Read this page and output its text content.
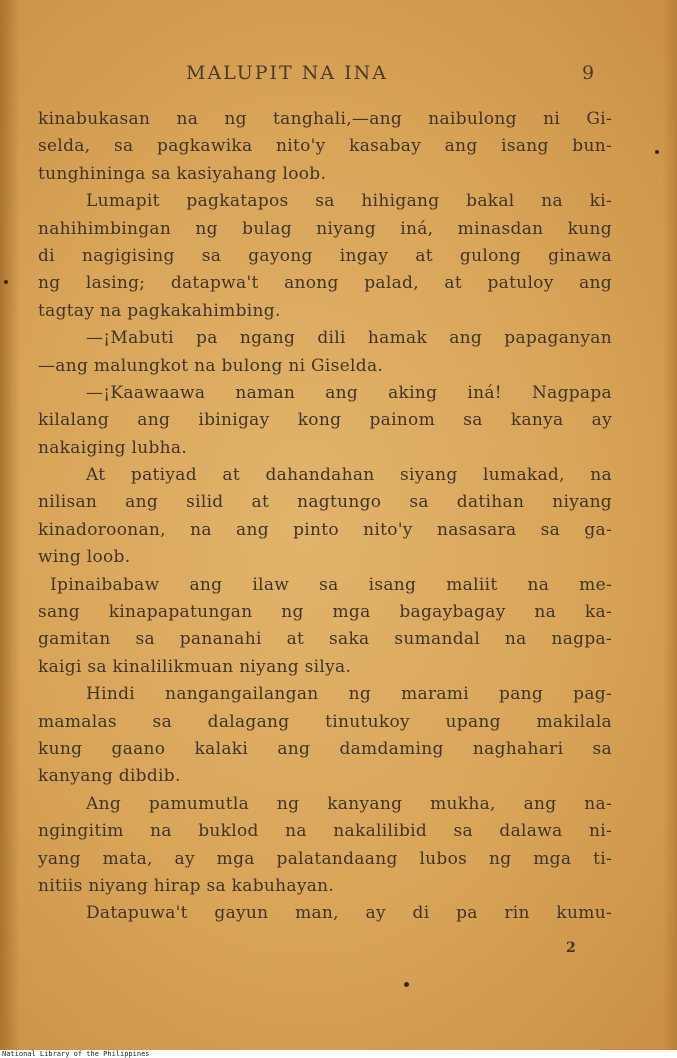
MALUPIT NA INA	9
kinabukasan na ng tanghali,—ang naibulong ni Gi-
selda, sa pagkawika nito'y kasabay ang isang bun-
tunghininga sa kasiyahang loob.
Lumapit pagkatapos sa hihigang bakal na ki-
nahihimbingan ng bulag niyang iná, minasdan kung
di nagigising sa gayong ingay at gulong ginawa
ng lasing; datapwa't anong palad, at patuloy ang
tagtay na pagkakahimbing.
—¡Mabuti pa ngang dili hamak ang papaganyan
—ang malungkot na bulong ni Giselda.
—¡Kaawaawa naman ang aking iná! Nagpapa
kilalang ang ibinigay kong painom sa kanya ay
nakaiging lubha.
At patiyad at dahandahan siyang lumakad, na
nilisan ang silid at nagtungo sa datihan niyang
kinadoroonan, na ang pinto nito'y nasasara sa ga-
wing loob.
Ipinaibabaw ang ilaw sa isang maliit na me-
sang kinapapatungan ng mga bagaybagay na ka-
gamitan sa pananahi at saka sumandal na nagpa-
kaigi sa kinalilikmuan niyang silya.
Hindi nangangailangan ng marami pang pag-
mamalas sa dalagang tinutukoy upang makilala
kung gaano kalaki ang damdaming naghahari sa
kanyang dibdib.
Ang pamumutla ng kanyang mukha, ang na-
ngingitim na buklod na nakalilibid sa dalawa ni-
yang mata, ay mga palatandaang lubos ng mga ti-
nitiis niyang hirap sa kabuhayan.
Datapuwa't gayun man, ay di pa rin kumu-
2
National Library of the Philippines
